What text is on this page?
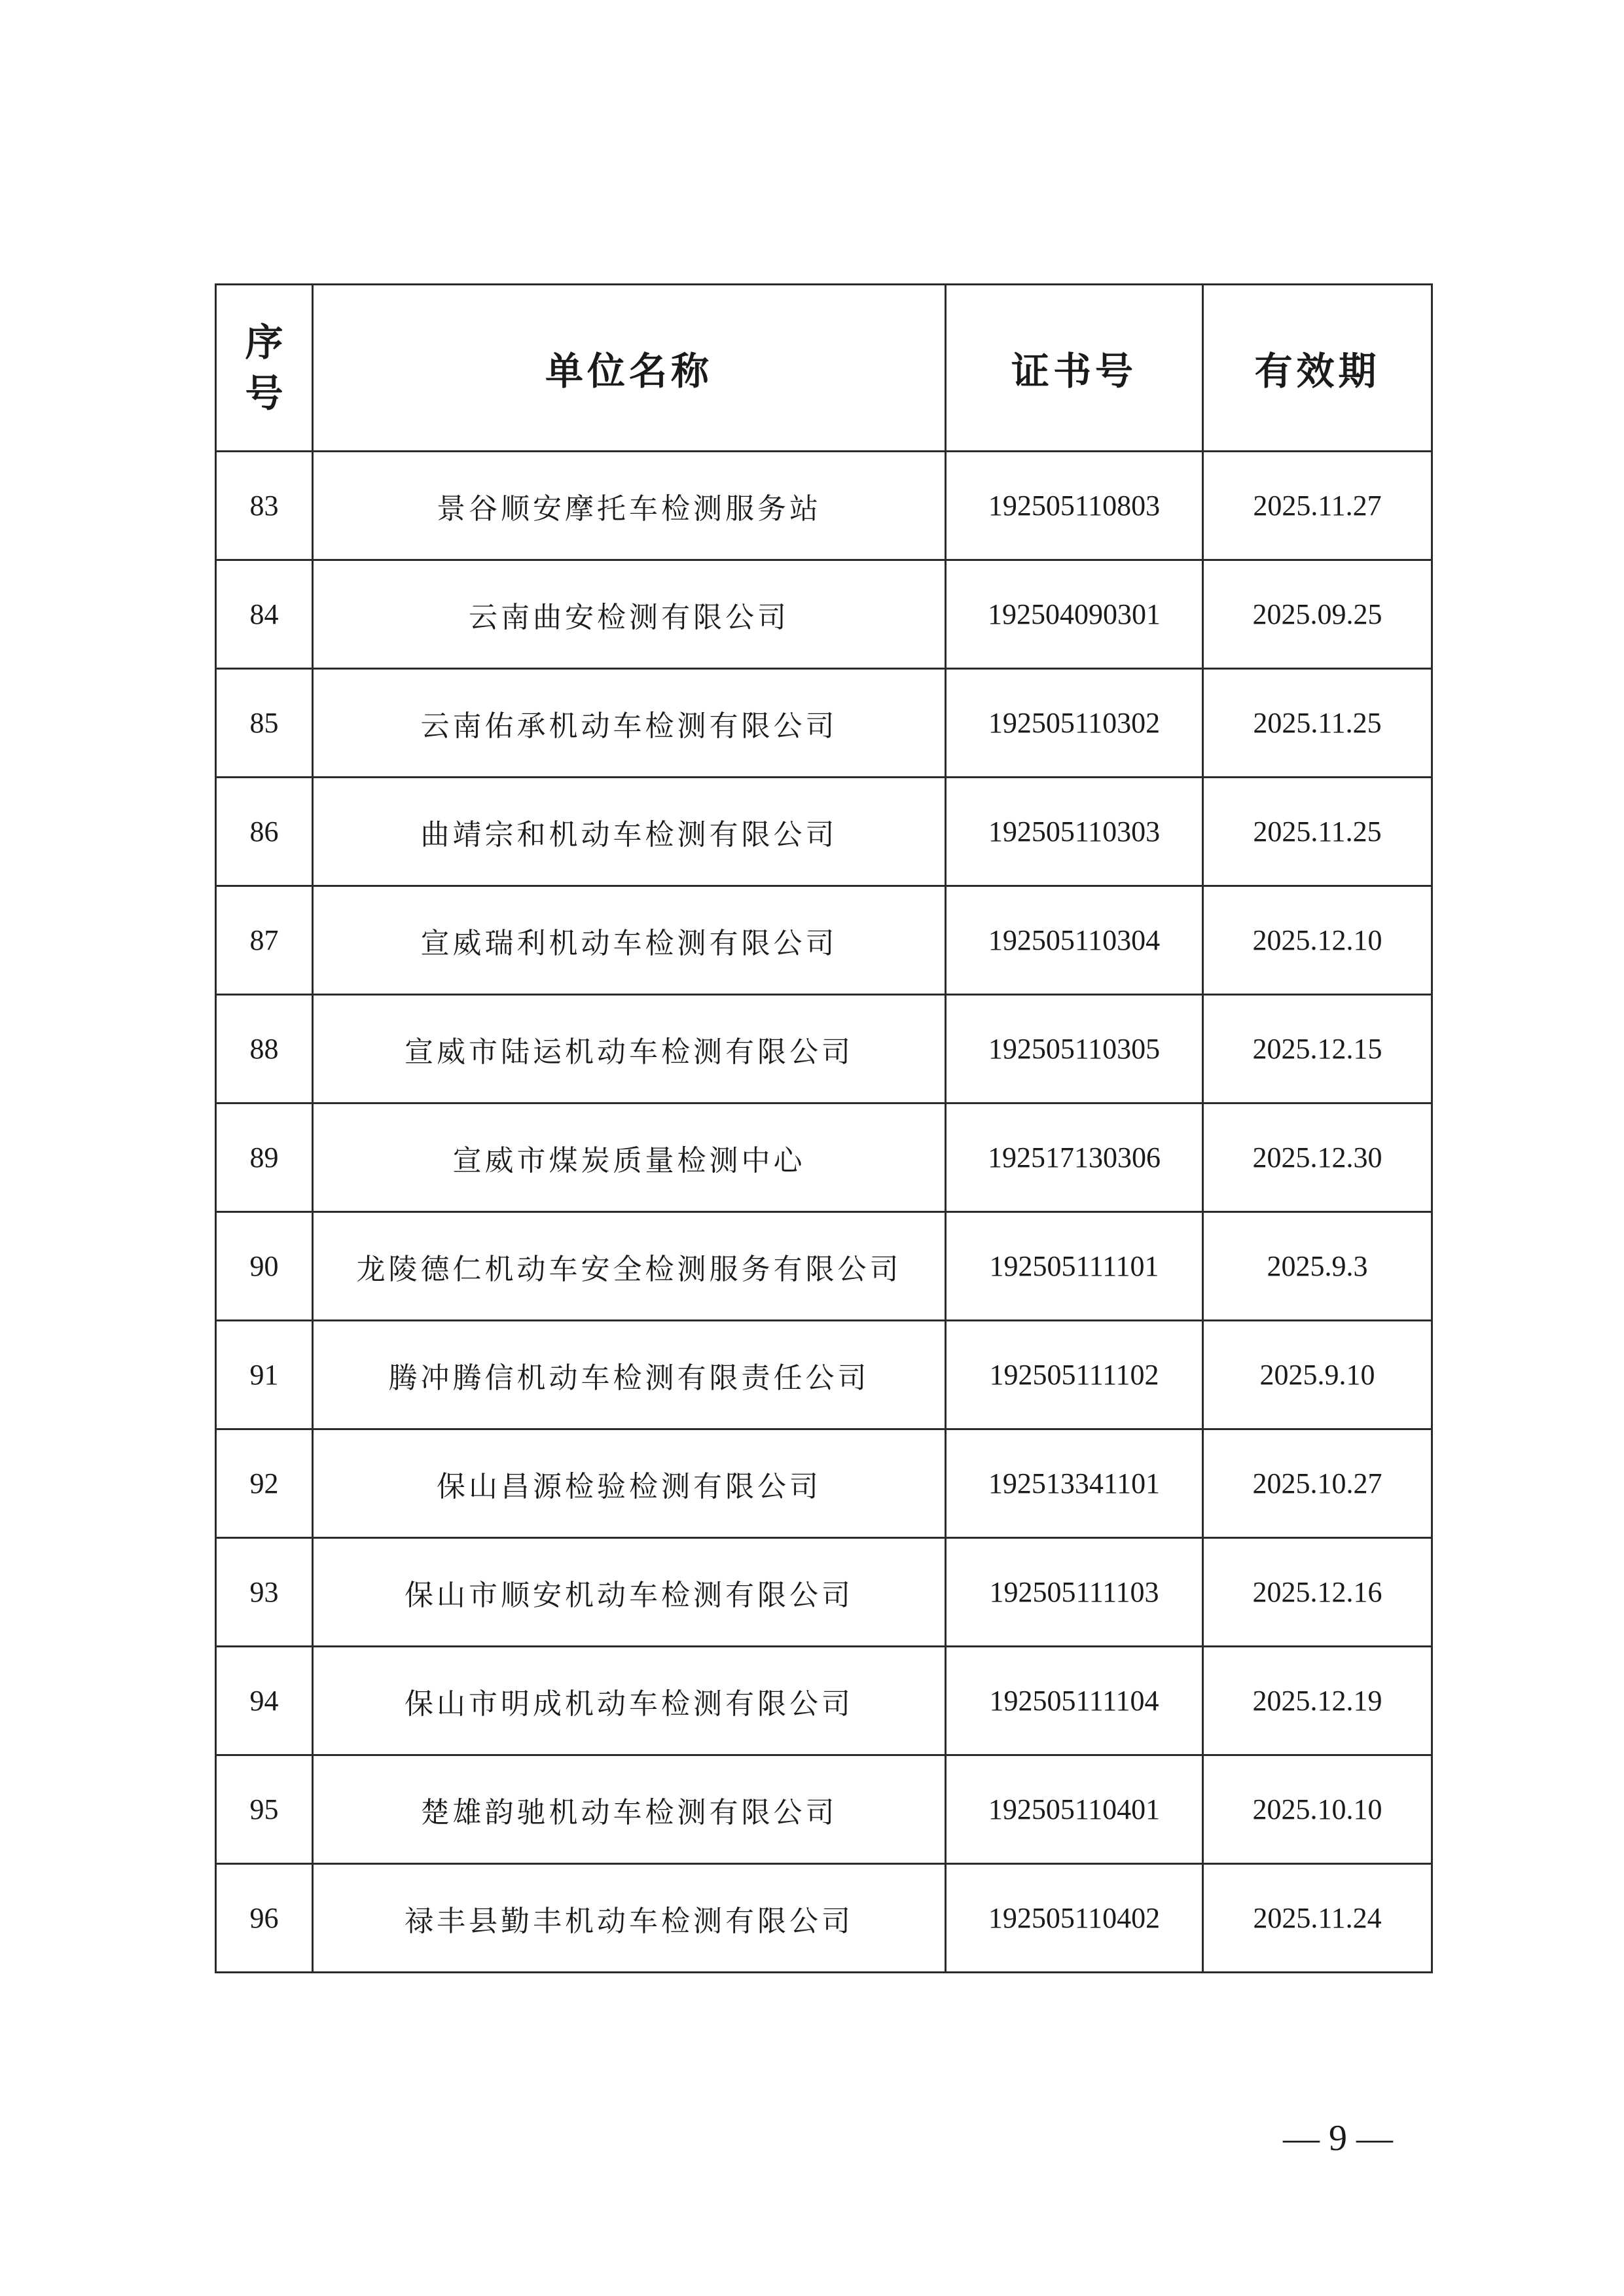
序
号	单位名称	证书号	有效期
83	景谷顺安摩托车检测服务站	192505110803	2025.11.27
84	云南曲安检测有限公司	192504090301	2025.09.25
85	云南佑承机动车检测有限公司	192505110302	2025.11.25
86	曲靖宗和机动车检测有限公司	192505110303	2025.11.25
87	宣威瑞利机动车检测有限公司	192505110304	2025.12.10
88	宣威市陆运机动车检测有限公司	192505110305	2025.12.15
89	宣威市煤炭质量检测中心	192517130306	2025.12.30
90	龙陵德仁机动车安全检测服务有限公司	192505111101	2025.9.3
91	腾冲腾信机动车检测有限责任公司	192505111102	2025.9.10
92	保山昌源检验检测有限公司	192513341101	2025.10.27
93	保山市顺安机动车检测有限公司	192505111103	2025.12.16
94	保山市明成机动车检测有限公司	192505111104	2025.12.19
95	楚雄韵驰机动车检测有限公司	192505110401	2025.10.10
96	禄丰县勤丰机动车检测有限公司	192505110402	2025.11.24
— 9 —
